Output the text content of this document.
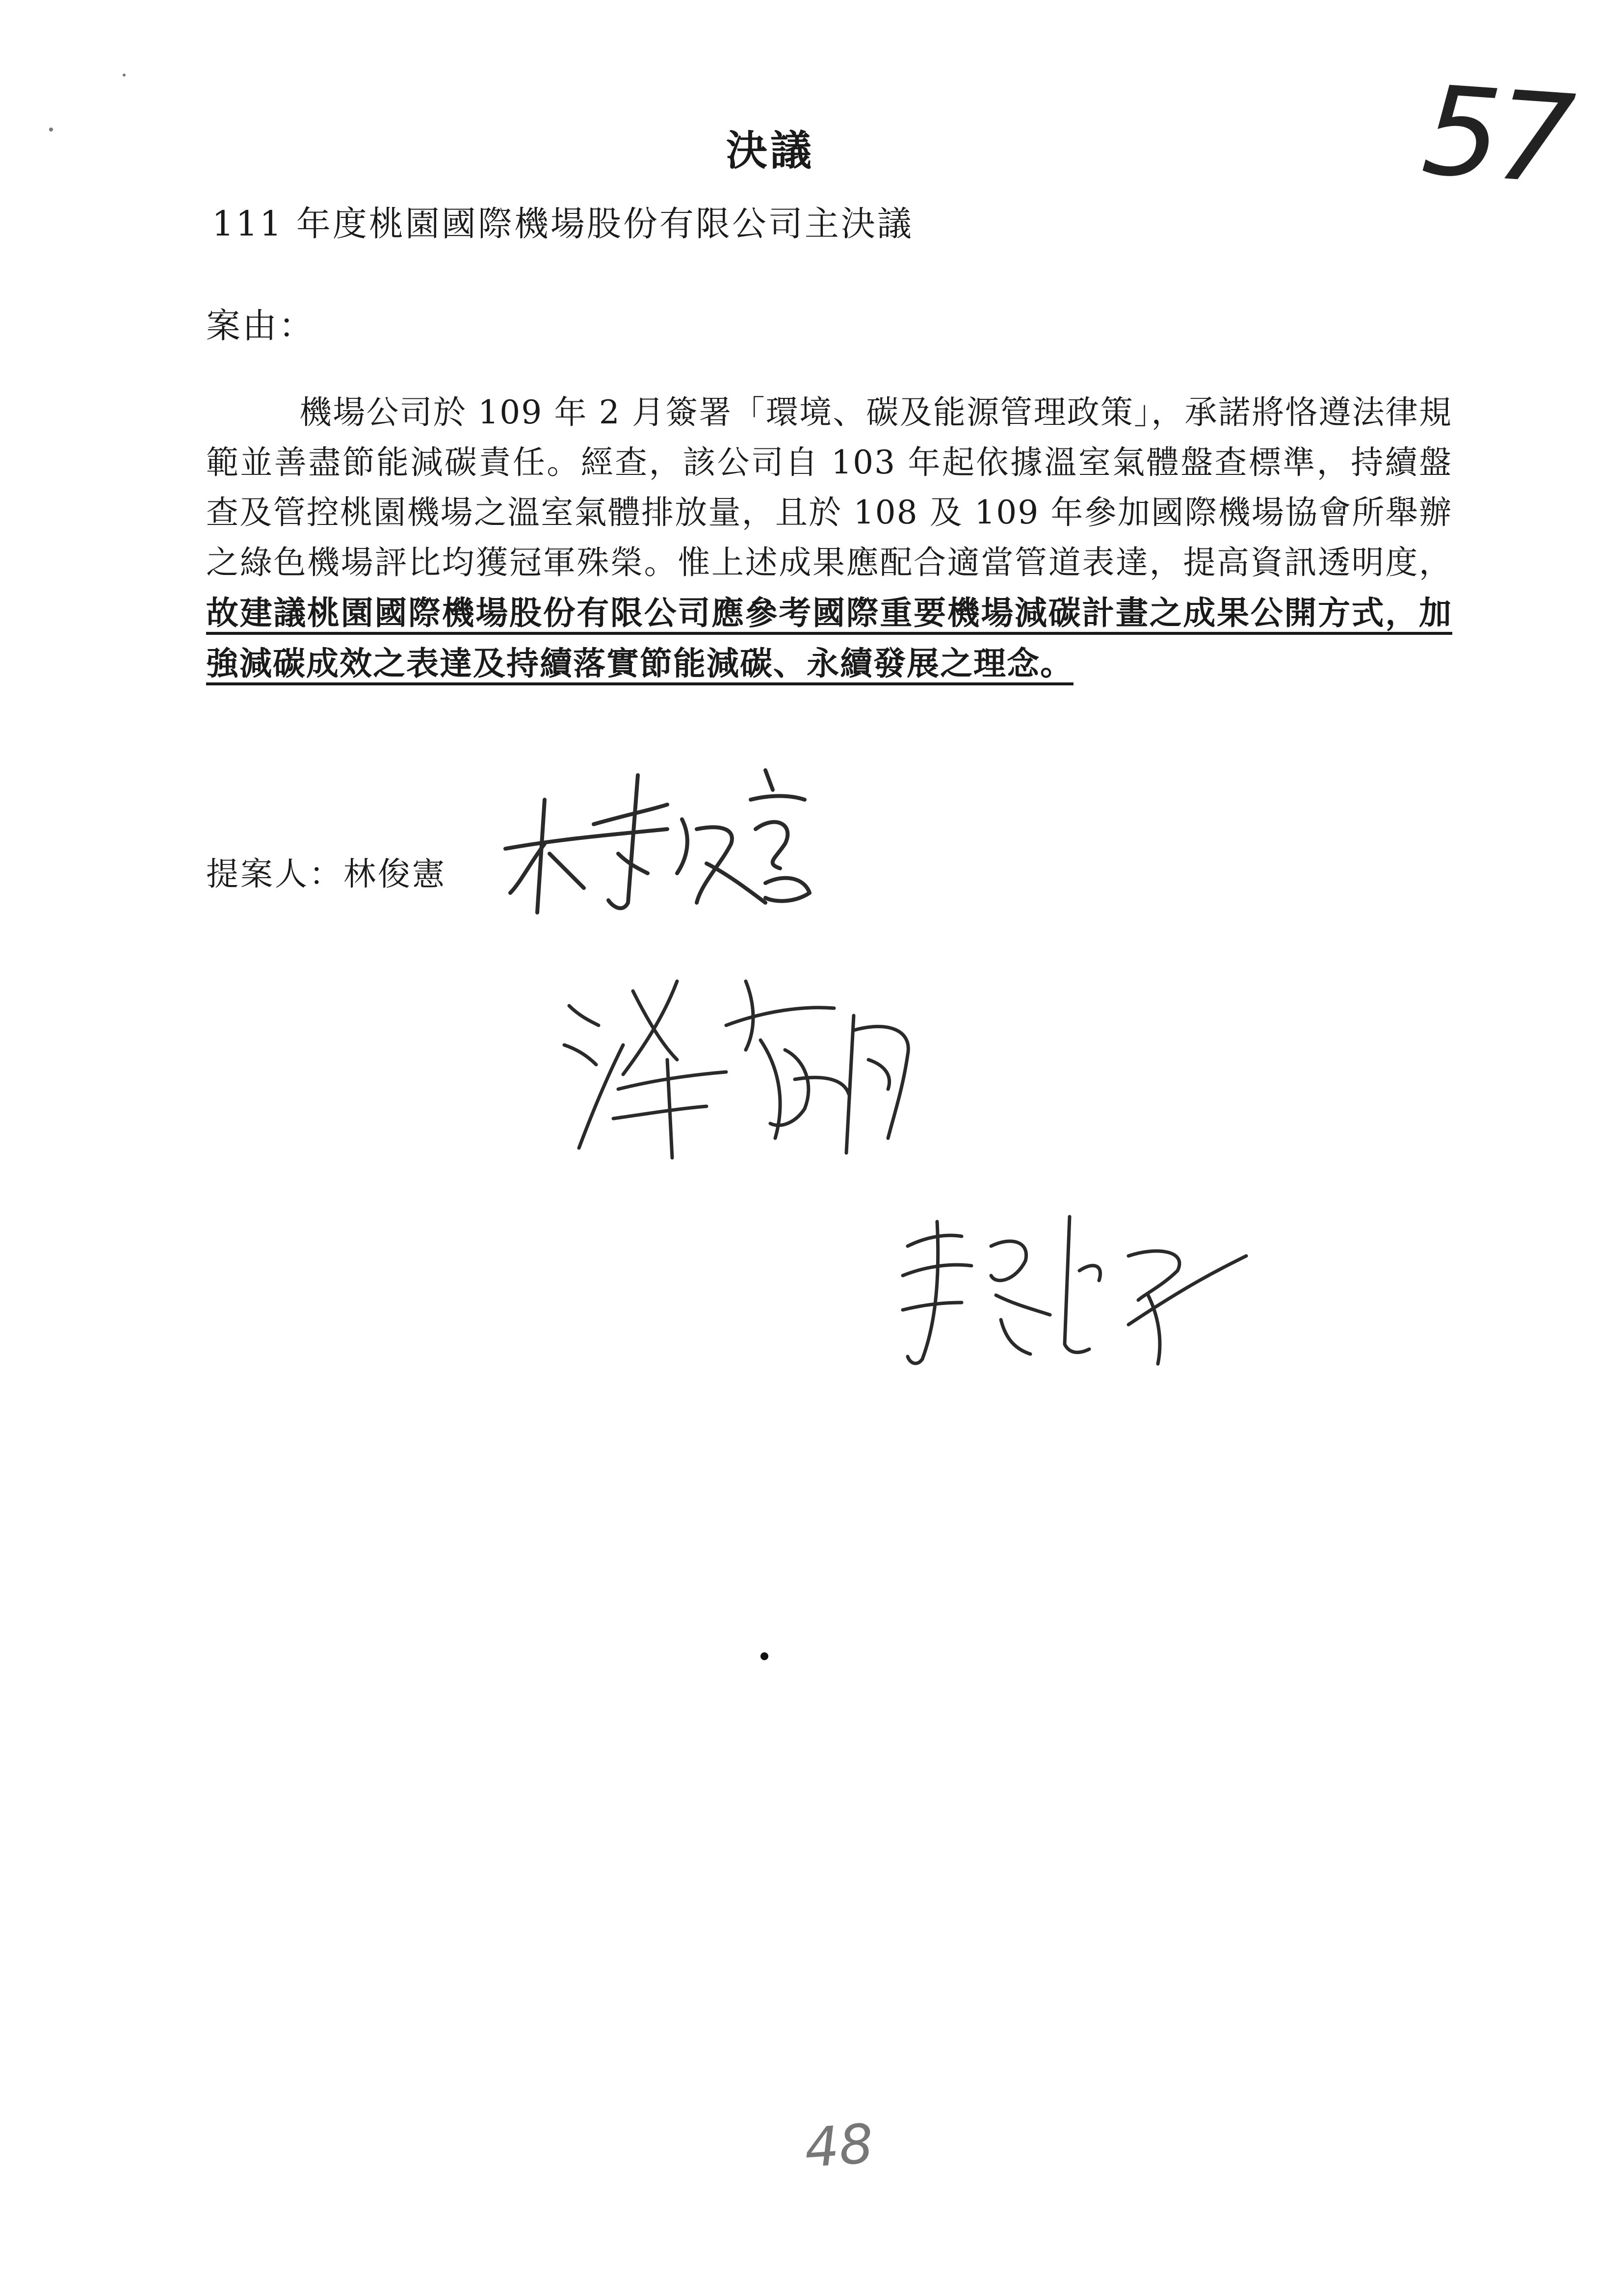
決議	57
111 年度桃園國際機場股份有限公司主決議
案由：
機場公司於 109 年 2 月簽署「環境、碳及能源管理政策」，承諾將恪遵法律規範並善盡節能減碳責任。經查，該公司自 103 年起依據溫室氣體盤查標準，持續盤查及管控桃園機場之溫室氣體排放量，且於 108 及 109 年參加國際機場協會所舉辦之綠色機場評比均獲冠軍殊榮。惟上述成果應配合適當管道表達，提高資訊透明度，故建議桃園國際機場股份有限公司應參考國際重要機場減碳計畫之成果公開方式，加強減碳成效之表達及持續落實節能減碳、永續發展之理念。
提案人：林俊憲
48
